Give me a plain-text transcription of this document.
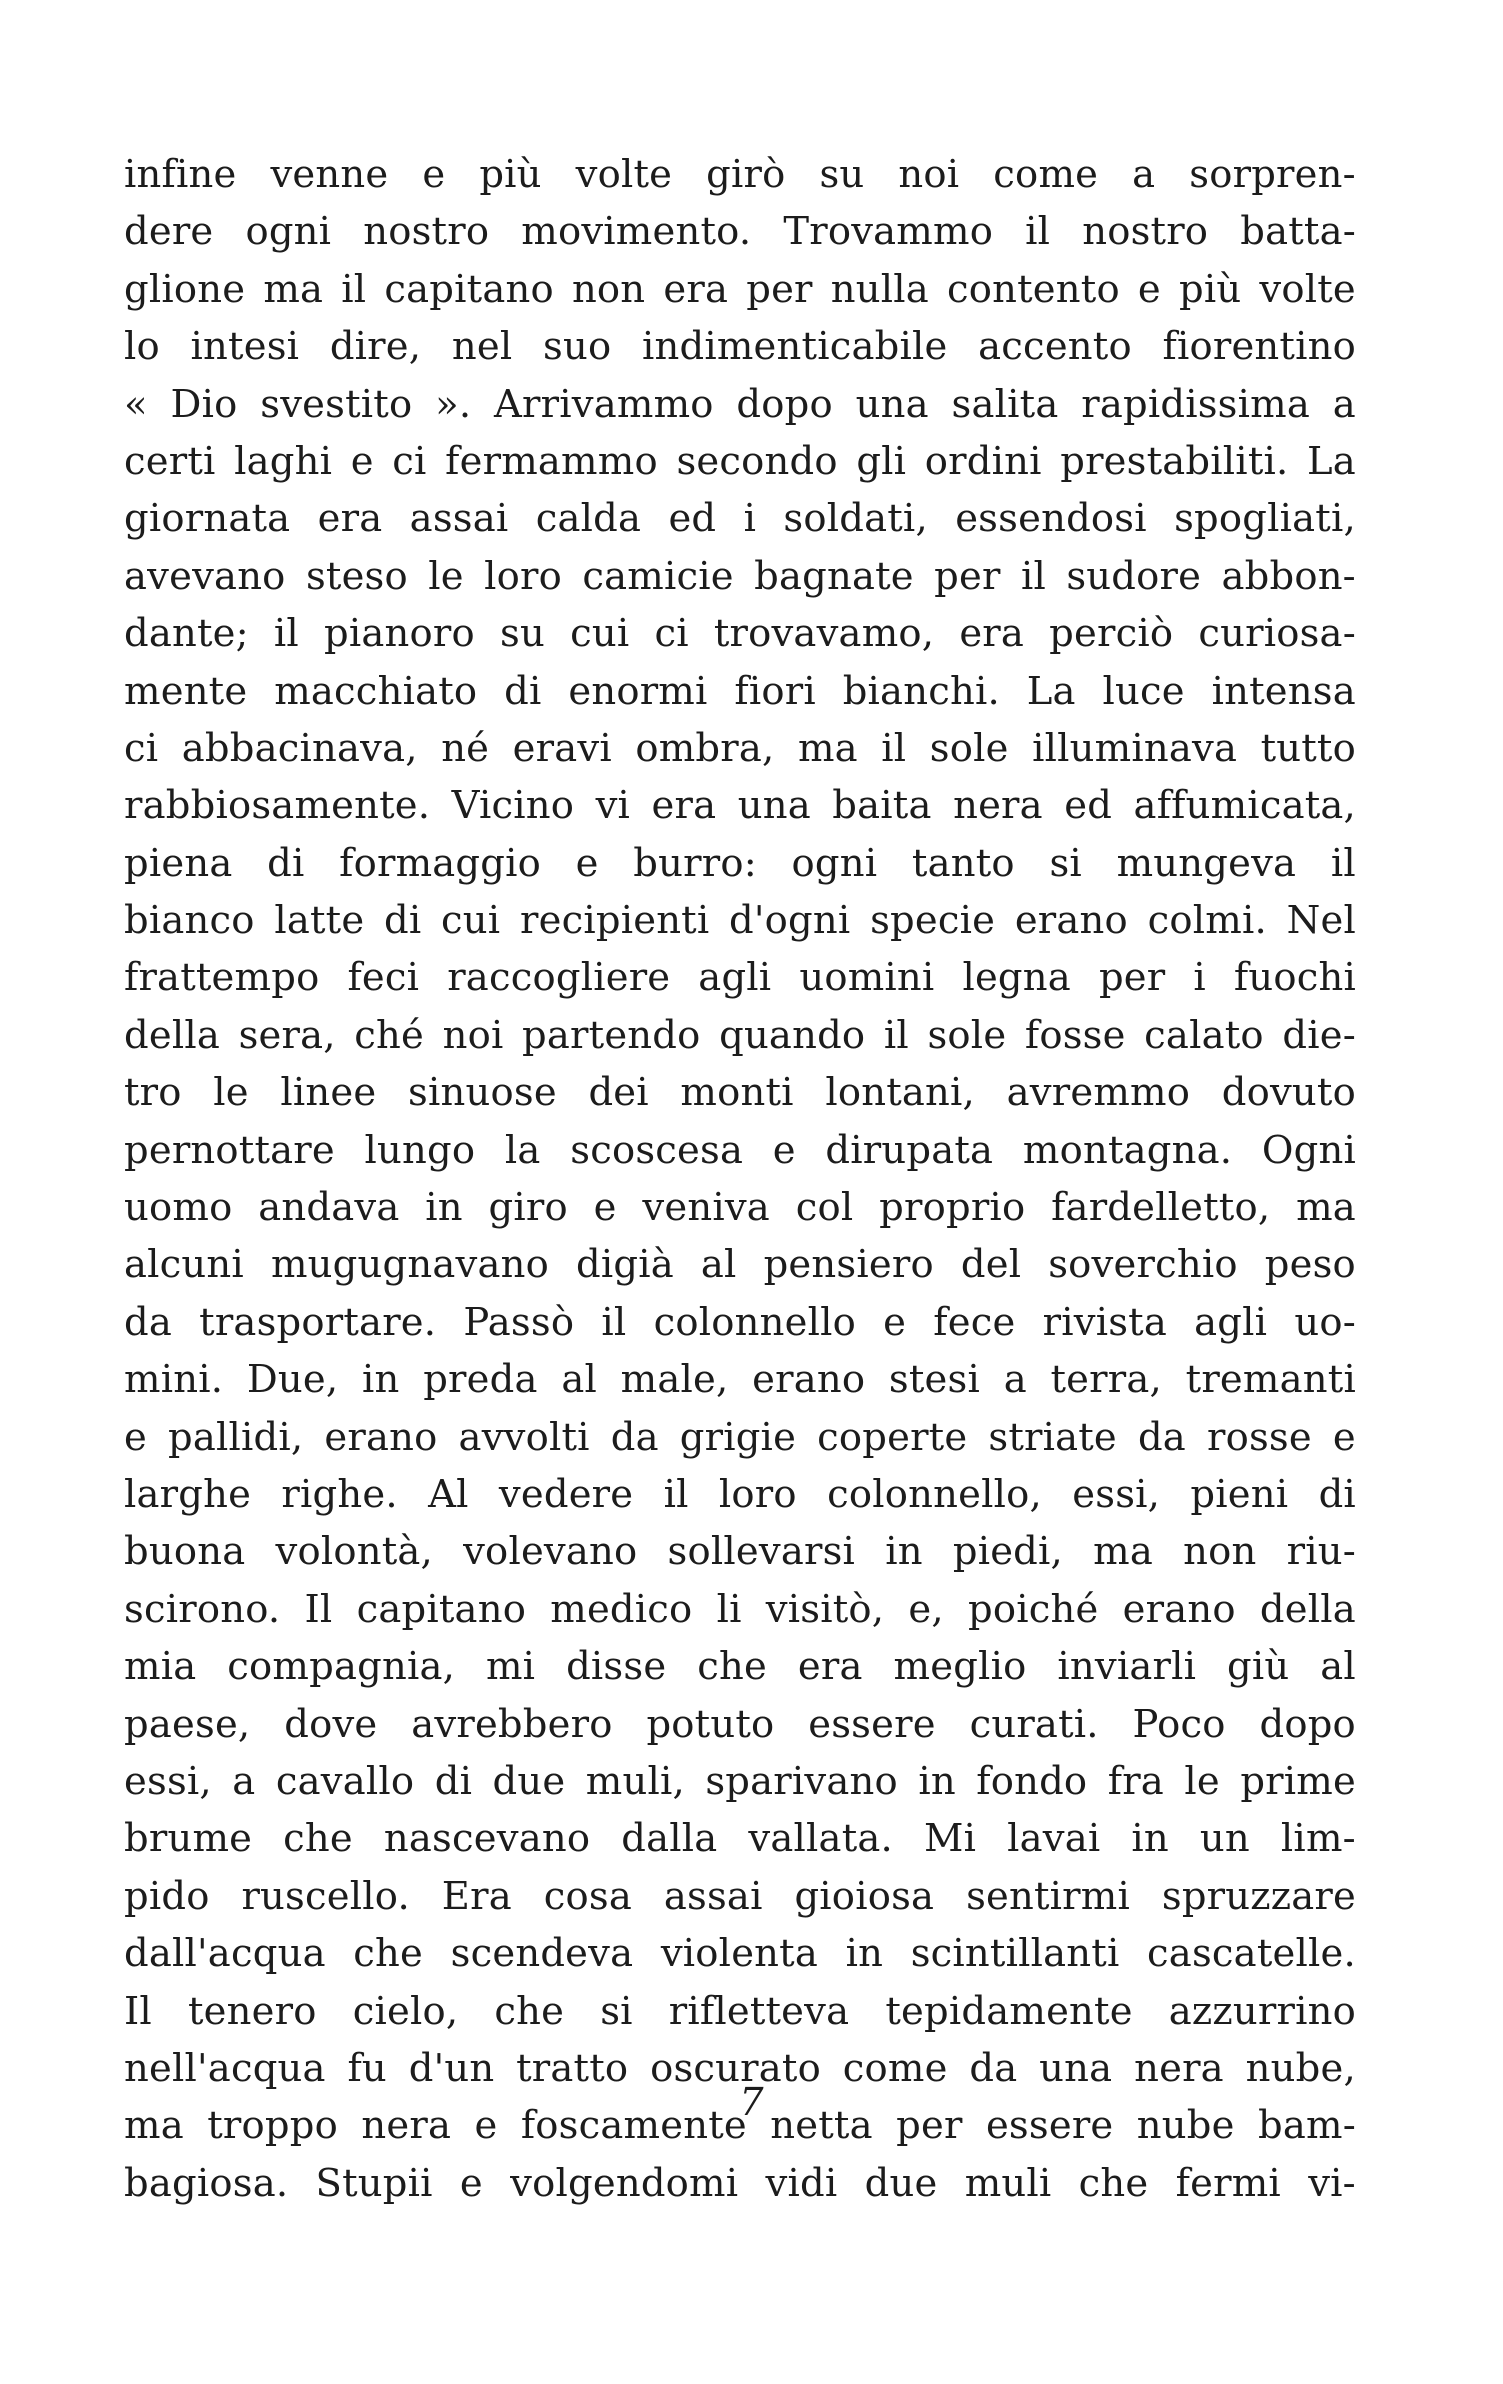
infine venne e più volte girò su noi come a sorpren-
dere ogni nostro movimento. Trovammo il nostro batta-
glione ma il capitano non era per nulla contento e più volte
lo intesi dire, nel suo indimenticabile accento fiorentino
« Dio svestito ». Arrivammo dopo una salita rapidissima a
certi laghi e ci fermammo secondo gli ordini prestabiliti. La
giornata era assai calda ed i soldati, essendosi spogliati,
avevano steso le loro camicie bagnate per il sudore abbon-
dante; il pianoro su cui ci trovavamo, era perciò curiosa-
mente macchiato di enormi fiori bianchi. La luce intensa
ci abbacinava, né eravi ombra, ma il sole illuminava tutto
rabbiosamente. Vicino vi era una baita nera ed affumicata,
piena di formaggio e burro: ogni tanto si mungeva il
bianco latte di cui recipienti d'ogni specie erano colmi. Nel
frattempo feci raccogliere agli uomini legna per i fuochi
della sera, ché noi partendo quando il sole fosse calato die-
tro le linee sinuose dei monti lontani, avremmo dovuto
pernottare lungo la scoscesa e dirupata montagna. Ogni
uomo andava in giro e veniva col proprio fardelletto, ma
alcuni mugugnavano digià al pensiero del soverchio peso
da trasportare. Passò il colonnello e fece rivista agli uo-
mini. Due, in preda al male, erano stesi a terra, tremanti
e pallidi, erano avvolti da grigie coperte striate da rosse e
larghe righe. Al vedere il loro colonnello, essi, pieni di
buona volontà, volevano sollevarsi in piedi, ma non riu-
scirono. Il capitano medico li visitò, e, poiché erano della
mia compagnia, mi disse che era meglio inviarli giù al
paese, dove avrebbero potuto essere curati. Poco dopo
essi, a cavallo di due muli, sparivano in fondo fra le prime
brume che nascevano dalla vallata. Mi lavai in un lim-
pido ruscello. Era cosa assai gioiosa sentirmi spruzzare
dall'acqua che scendeva violenta in scintillanti cascatelle.
Il tenero cielo, che si rifletteva tepidamente azzurrino
nell'acqua fu d'un tratto oscurato come da una nera nube,
ma troppo nera e foscamente netta per essere nube bam-
bagiosa. Stupii e volgendomi vidi due muli che fermi vi-
7
